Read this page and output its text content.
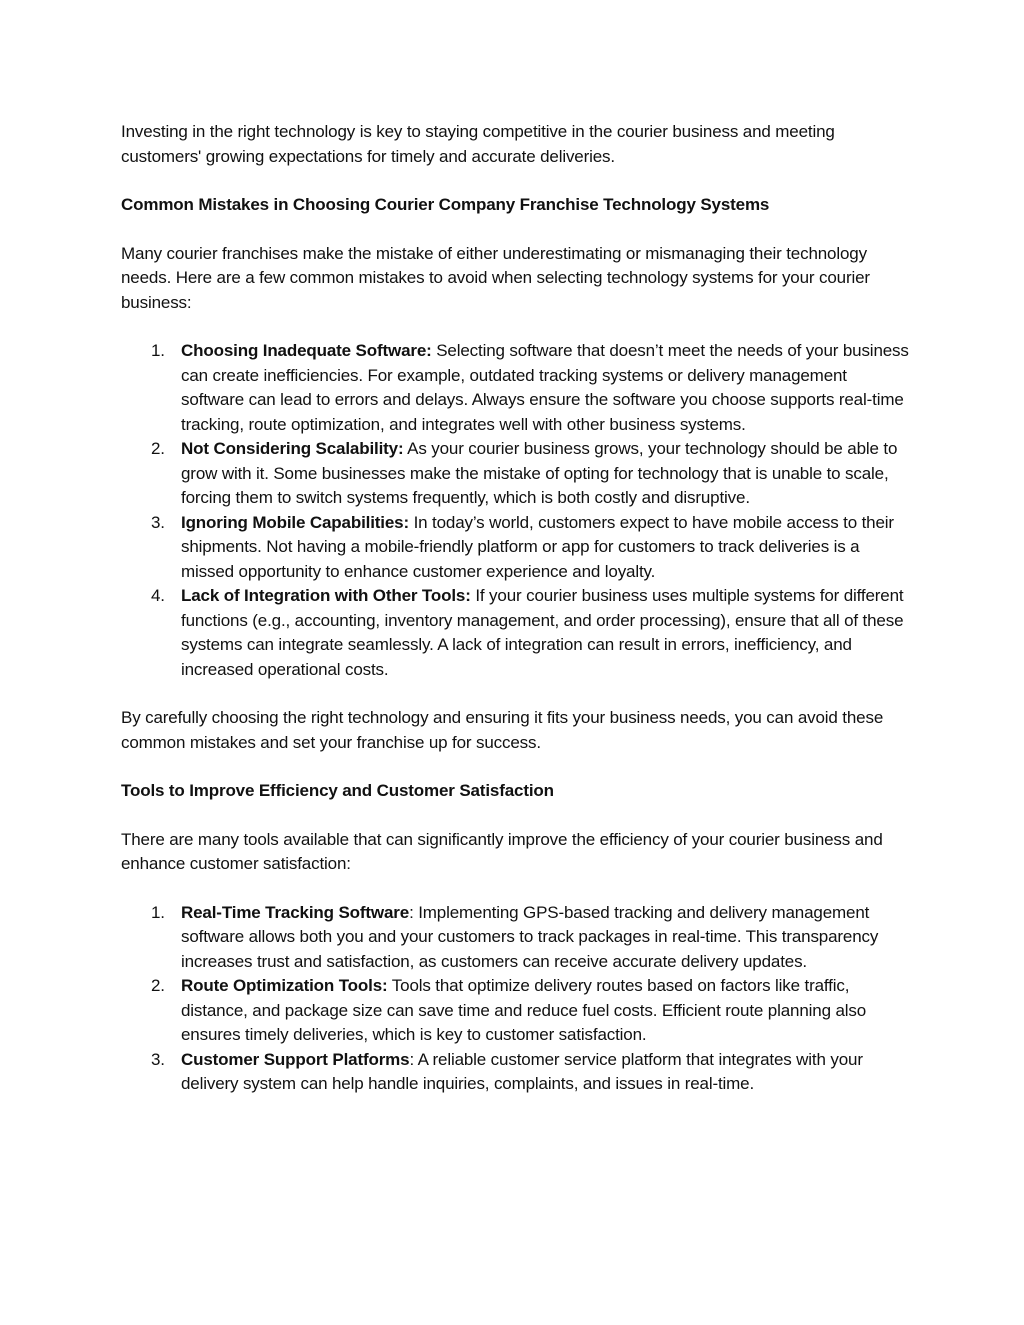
Investing in the right technology is key to staying competitive in the courier business and meeting customers' growing expectations for timely and accurate deliveries.

Common Mistakes in Choosing Courier Company Franchise Technology Systems

Many courier franchises make the mistake of either underestimating or mismanaging their technology needs. Here are a few common mistakes to avoid when selecting technology systems for your courier business:

1. Choosing Inadequate Software: Selecting software that doesn’t meet the needs of your business can create inefficiencies. For example, outdated tracking systems or delivery management software can lead to errors and delays. Always ensure the software you choose supports real-time tracking, route optimization, and integrates well with other business systems.
2. Not Considering Scalability: As your courier business grows, your technology should be able to grow with it. Some businesses make the mistake of opting for technology that is unable to scale, forcing them to switch systems frequently, which is both costly and disruptive.
3. Ignoring Mobile Capabilities: In today’s world, customers expect to have mobile access to their shipments. Not having a mobile-friendly platform or app for customers to track deliveries is a missed opportunity to enhance customer experience and loyalty.
4. Lack of Integration with Other Tools: If your courier business uses multiple systems for different functions (e.g., accounting, inventory management, and order processing), ensure that all of these systems can integrate seamlessly. A lack of integration can result in errors, inefficiency, and increased operational costs.

By carefully choosing the right technology and ensuring it fits your business needs, you can avoid these common mistakes and set your franchise up for success.

Tools to Improve Efficiency and Customer Satisfaction

There are many tools available that can significantly improve the efficiency of your courier business and enhance customer satisfaction:

1. Real-Time Tracking Software: Implementing GPS-based tracking and delivery management software allows both you and your customers to track packages in real-time. This transparency increases trust and satisfaction, as customers can receive accurate delivery updates.
2. Route Optimization Tools: Tools that optimize delivery routes based on factors like traffic, distance, and package size can save time and reduce fuel costs. Efficient route planning also ensures timely deliveries, which is key to customer satisfaction.
3. Customer Support Platforms: A reliable customer service platform that integrates with your delivery system can help handle inquiries, complaints, and issues in real-time.
